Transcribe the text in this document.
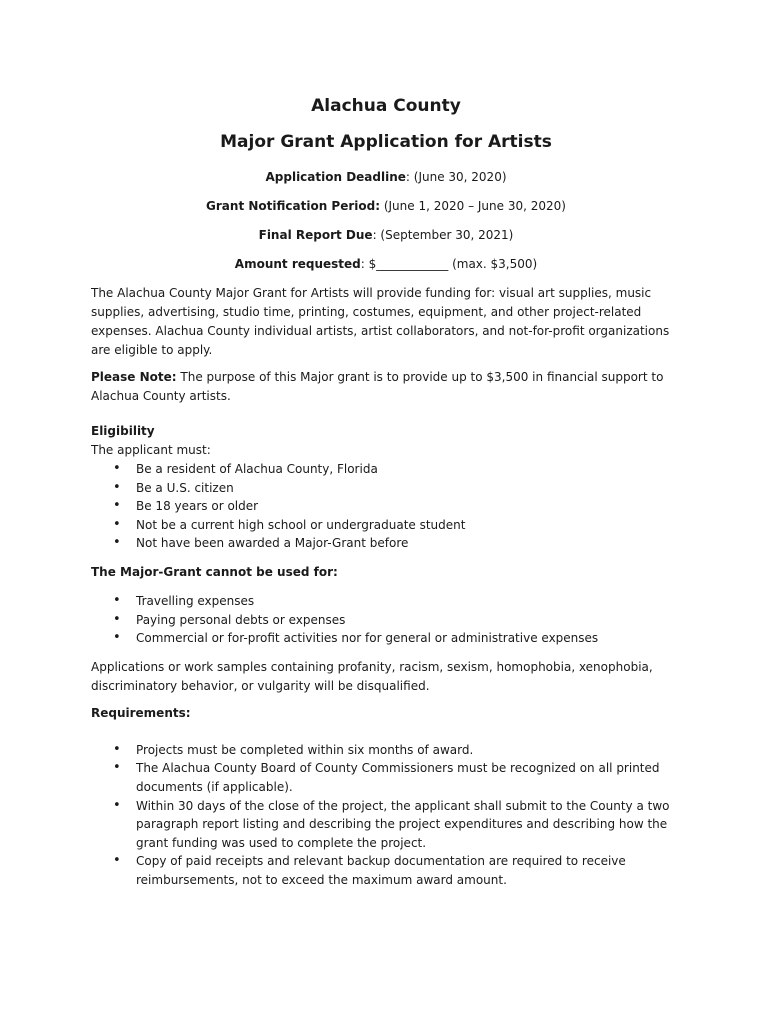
Alachua County
Major Grant Application for Artists

Application Deadline: (June 30, 2020)

Grant Notification Period: (June 1, 2020 – June 30, 2020)

Final Report Due: (September 30, 2021)

Amount requested: $____________ (max. $3,500)

The Alachua County Major Grant for Artists will provide funding for: visual art supplies, music supplies, advertising, studio time, printing, costumes, equipment, and other project-related expenses. Alachua County individual artists, artist collaborators, and not-for-profit organizations are eligible to apply.

Please Note: The purpose of this Major grant is to provide up to $3,500 in financial support to Alachua County artists.

Eligibility

The applicant must:

• Be a resident of Alachua County, Florida
• Be a U.S. citizen
• Be 18 years or older
• Not be a current high school or undergraduate student
• Not have been awarded a Major-Grant before

The Major-Grant cannot be used for:

• Travelling expenses
• Paying personal debts or expenses
• Commercial or for-profit activities nor for general or administrative expenses

Applications or work samples containing profanity, racism, sexism, homophobia, xenophobia, discriminatory behavior, or vulgarity will be disqualified.

Requirements:

• Projects must be completed within six months of award.
• The Alachua County Board of County Commissioners must be recognized on all printed documents (if applicable).
• Within 30 days of the close of the project, the applicant shall submit to the County a two paragraph report listing and describing the project expenditures and describing how the grant funding was used to complete the project.
• Copy of paid receipts and relevant backup documentation are required to receive reimbursements, not to exceed the maximum award amount.
